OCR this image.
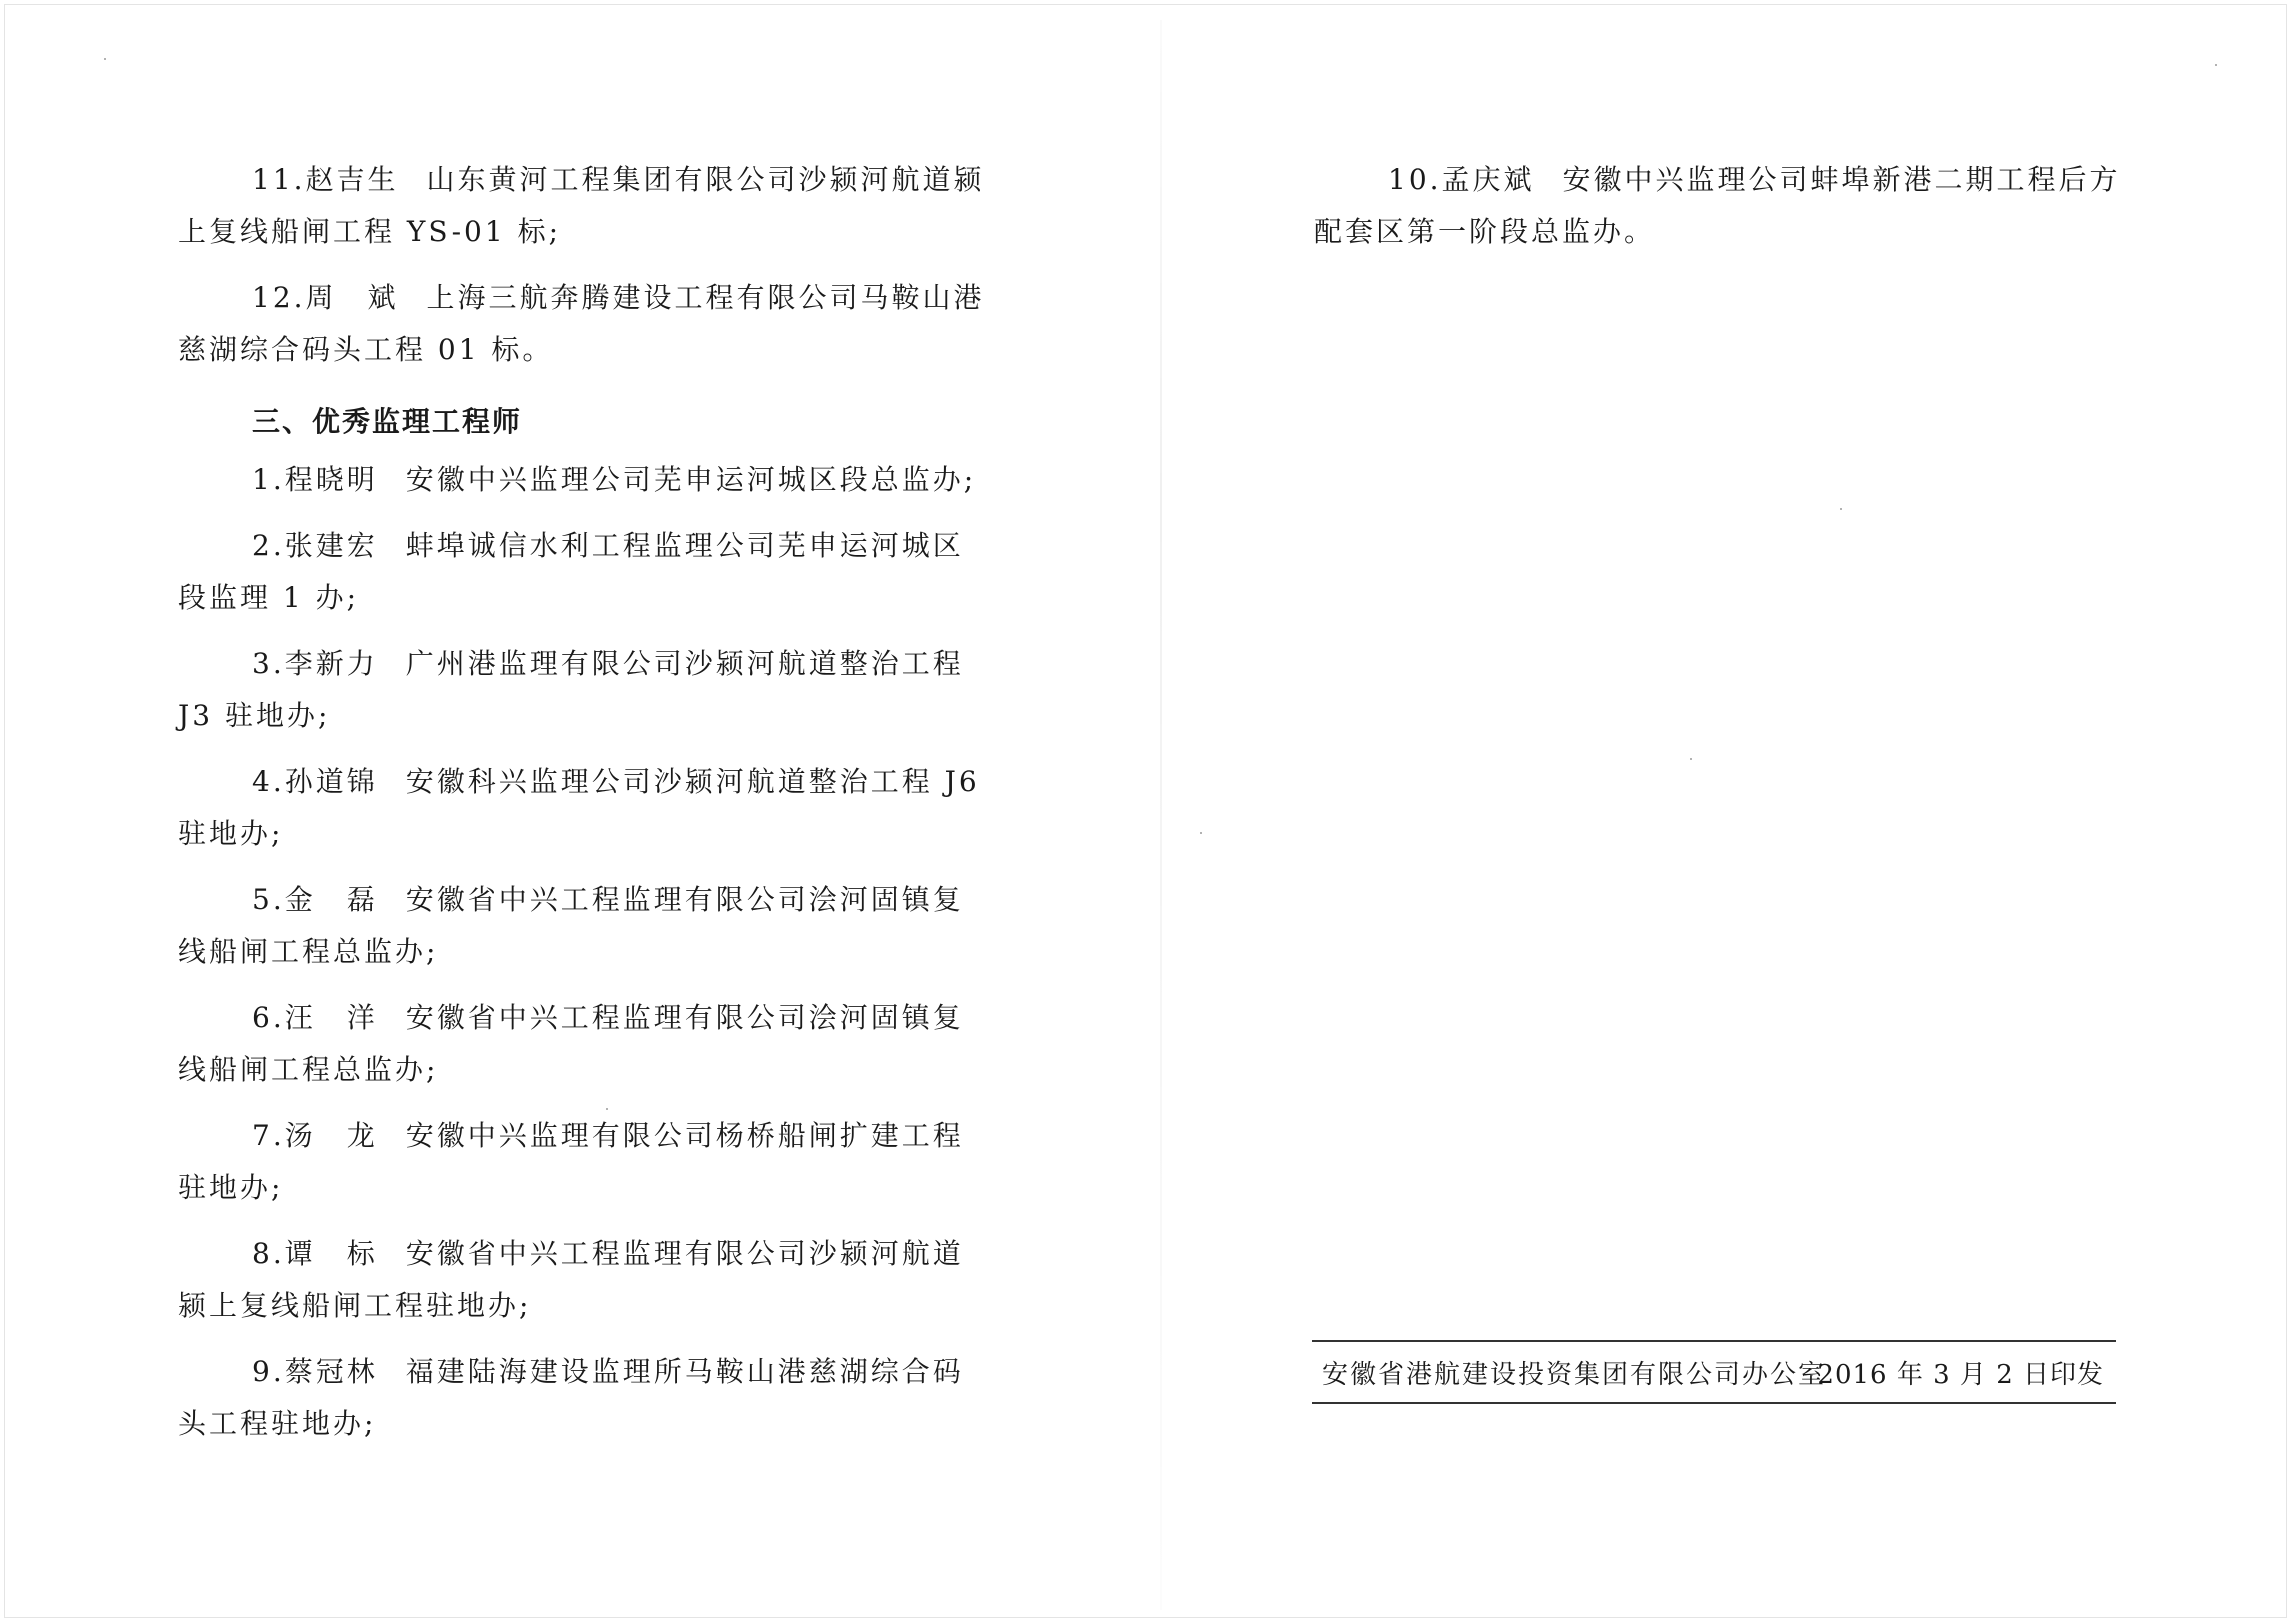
11.赵吉生 山东黄河工程集团有限公司沙颍河航道颍
上复线船闸工程 YS-01 标;
12.周　斌 上海三航奔腾建设工程有限公司马鞍山港
慈湖综合码头工程 01 标。
三、优秀监理工程师
1.程晓明 安徽中兴监理公司芜申运河城区段总监办;
2.张建宏 蚌埠诚信水利工程监理公司芜申运河城区
段监理 1 办;
3.李新力 广州港监理有限公司沙颍河航道整治工程
J3 驻地办;
4.孙道锦 安徽科兴监理公司沙颍河航道整治工程 J6
驻地办;
5.金　磊 安徽省中兴工程监理有限公司浍河固镇复
线船闸工程总监办;
6.汪　洋 安徽省中兴工程监理有限公司浍河固镇复
线船闸工程总监办;
7.汤　龙 安徽中兴监理有限公司杨桥船闸扩建工程
驻地办;
8.谭　标 安徽省中兴工程监理有限公司沙颍河航道
颍上复线船闸工程驻地办;
9.蔡冠林 福建陆海建设监理所马鞍山港慈湖综合码
头工程驻地办;
10.孟庆斌 安徽中兴监理公司蚌埠新港二期工程后方
配套区第一阶段总监办。
安徽省港航建设投资集团有限公司办公室
2016 年 3 月 2 日印发
